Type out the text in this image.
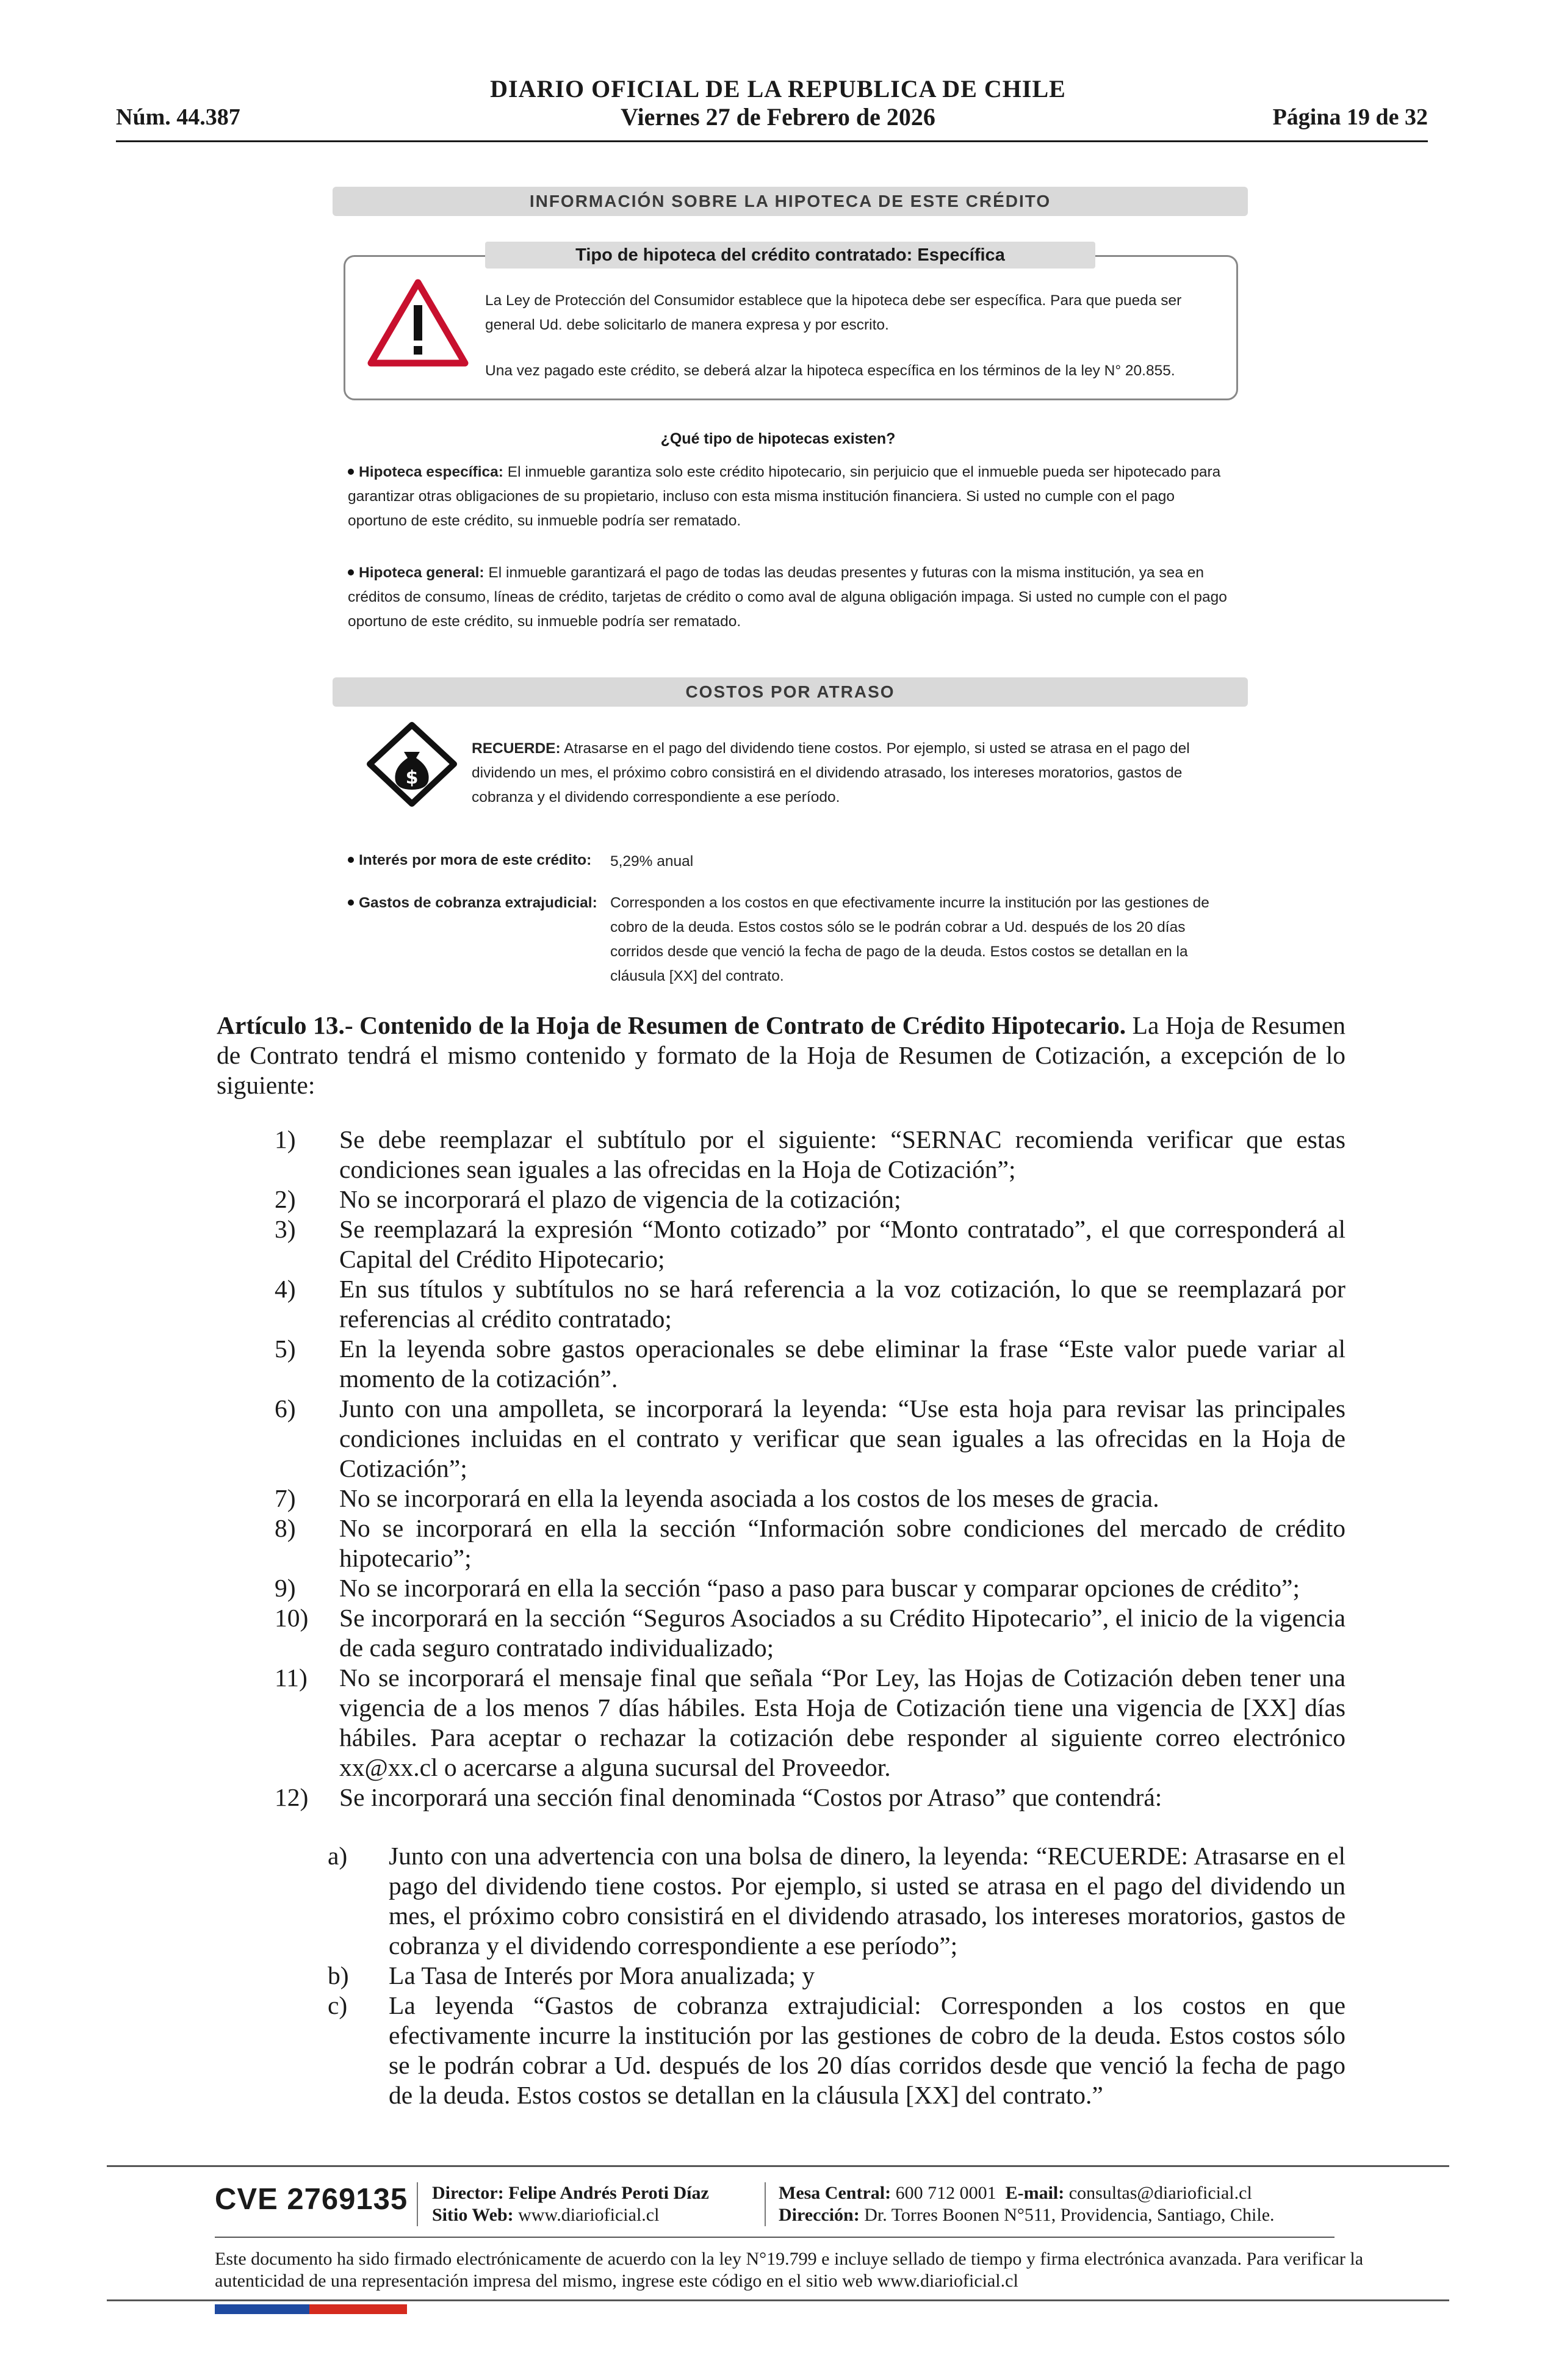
DIARIO OFICIAL DE LA REPUBLICA DE CHILE
Núm. 44.387	Viernes 27 de Febrero de 2026	Página 19 de 32
INFORMACIÓN SOBRE LA HIPOTECA DE ESTE CRÉDITO
Tipo de hipoteca del crédito contratado: Específica
La Ley de Protección del Consumidor establece que la hipoteca debe ser específica. Para que pueda ser general Ud. debe solicitarlo de manera expresa y por escrito.
Una vez pagado este crédito, se deberá alzar la hipoteca específica en los términos de la ley N° 20.855.
¿Qué tipo de hipotecas existen?
Hipoteca específica: El inmueble garantiza solo este crédito hipotecario, sin perjuicio que el inmueble pueda ser hipotecado para garantizar otras obligaciones de su propietario, incluso con esta misma institución financiera. Si usted no cumple con el pago oportuno de este crédito, su inmueble podría ser rematado.
Hipoteca general: El inmueble garantizará el pago de todas las deudas presentes y futuras con la misma institución, ya sea en créditos de consumo, líneas de crédito, tarjetas de crédito o como aval de alguna obligación impaga. Si usted no cumple con el pago oportuno de este crédito, su inmueble podría ser rematado.
COSTOS POR ATRASO
$
RECUERDE: Atrasarse en el pago del dividendo tiene costos. Por ejemplo, si usted se atrasa en el pago del dividendo un mes, el próximo cobro consistirá en el dividendo atrasado, los intereses moratorios, gastos de cobranza y el dividendo correspondiente a ese período.
Interés por mora de este crédito: 5,29% anual
Gastos de cobranza extrajudicial: Corresponden a los costos en que efectivamente incurre la institución por las gestiones de cobro de la deuda. Estos costos sólo se le podrán cobrar a Ud. después de los 20 días corridos desde que venció la fecha de pago de la deuda. Estos costos se detallan en la cláusula [XX] del contrato.
Artículo 13.- Contenido de la Hoja de Resumen de Contrato de Crédito Hipotecario. La Hoja de Resumen de Contrato tendrá el mismo contenido y formato de la Hoja de Resumen de Cotización, a excepción de lo siguiente:
1)	Se debe reemplazar el subtítulo por el siguiente: “SERNAC recomienda verificar que estas condiciones sean iguales a las ofrecidas en la Hoja de Cotización”;
2)	No se incorporará el plazo de vigencia de la cotización;
3)	Se reemplazará la expresión “Monto cotizado” por “Monto contratado”, el que corresponderá al Capital del Crédito Hipotecario;
4)	En sus títulos y subtítulos no se hará referencia a la voz cotización, lo que se reemplazará por referencias al crédito contratado;
5)	En la leyenda sobre gastos operacionales se debe eliminar la frase “Este valor puede variar al momento de la cotización”.
6)	Junto con una ampolleta, se incorporará la leyenda: “Use esta hoja para revisar las principales condiciones incluidas en el contrato y verificar que sean iguales a las ofrecidas en la Hoja de Cotización”;
7)	No se incorporará en ella la leyenda asociada a los costos de los meses de gracia.
8)	No se incorporará en ella la sección “Información sobre condiciones del mercado de crédito hipotecario”;
9)	No se incorporará en ella la sección “paso a paso para buscar y comparar opciones de crédito”;
10)	Se incorporará en la sección “Seguros Asociados a su Crédito Hipotecario”, el inicio de la vigencia de cada seguro contratado individualizado;
11)	No se incorporará el mensaje final que señala “Por Ley, las Hojas de Cotización deben tener una vigencia de a los menos 7 días hábiles. Esta Hoja de Cotización tiene una vigencia de [XX] días hábiles. Para aceptar o rechazar la cotización debe responder al siguiente correo electrónico xx@xx.cl o acercarse a alguna sucursal del Proveedor.
12)	Se incorporará una sección final denominada “Costos por Atraso” que contendrá:
a)	Junto con una advertencia con una bolsa de dinero, la leyenda: “RECUERDE: Atrasarse en el pago del dividendo tiene costos. Por ejemplo, si usted se atrasa en el pago del dividendo un mes, el próximo cobro consistirá en el dividendo atrasado, los intereses moratorios, gastos de cobranza y el dividendo correspondiente a ese período”;
b)	La Tasa de Interés por Mora anualizada; y
c)	La leyenda “Gastos de cobranza extrajudicial: Corresponden a los costos en que efectivamente incurre la institución por las gestiones de cobro de la deuda. Estos costos sólo se le podrán cobrar a Ud. después de los 20 días corridos desde que venció la fecha de pago de la deuda. Estos costos se detallan en la cláusula [XX] del contrato.”
CVE 2769135 Director: Felipe Andrés Peroti Díaz
Sitio Web: www.diarioficial.cl
Mesa Central: 600 712 0001 E-mail: consultas@diarioficial.cl
Dirección: Dr. Torres Boonen N°511, Providencia, Santiago, Chile.
Este documento ha sido firmado electrónicamente de acuerdo con la ley N°19.799 e incluye sellado de tiempo y firma electrónica avanzada. Para verificar la autenticidad de una representación impresa del mismo, ingrese este código en el sitio web www.diarioficial.cl
